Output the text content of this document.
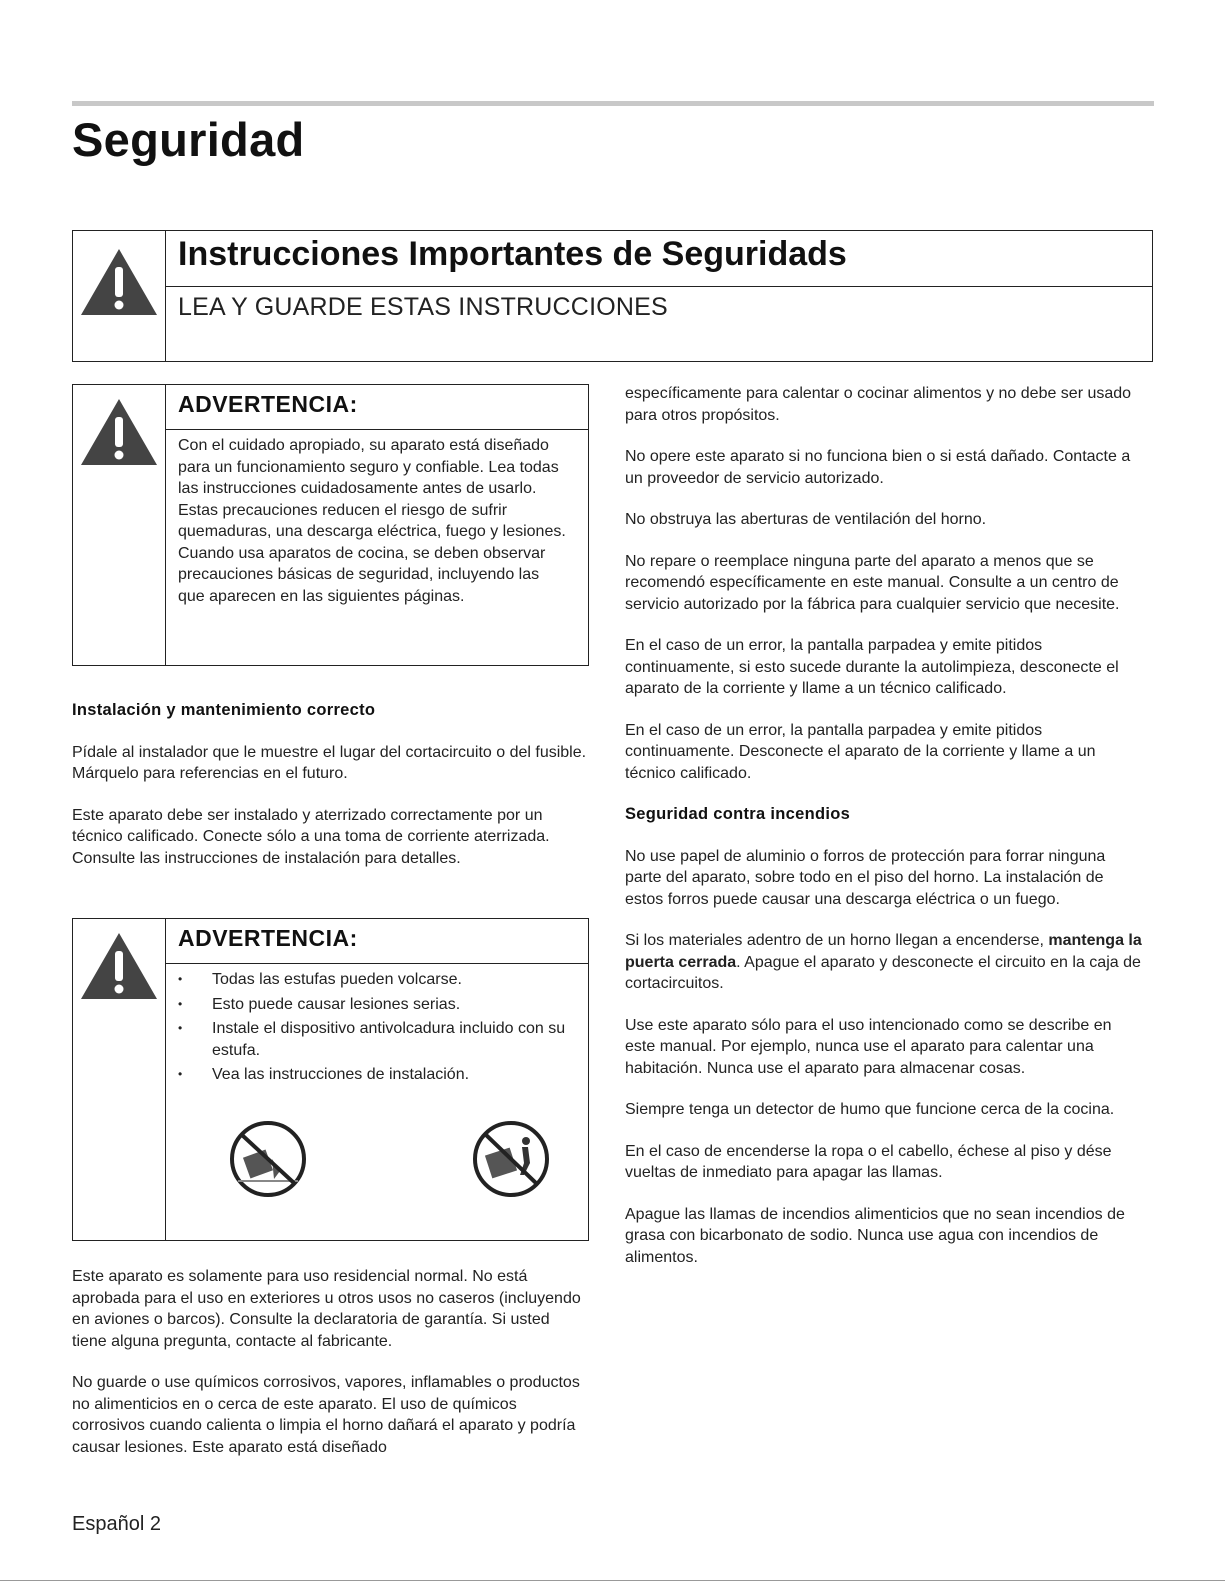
Seguridad
Instrucciones Importantes de Seguridads

LEA Y GUARDE ESTAS INSTRUCCIONES

ADVERTENCIA:

Con el cuidado apropiado, su aparato está diseñado para un funcionamiento seguro y confiable. Lea todas las instrucciones cuidadosamente antes de usarlo. Estas precauciones reducen el riesgo de sufrir quemaduras, una descarga eléctrica, fuego y lesiones. Cuando usa aparatos de cocina, se deben observar precauciones básicas de seguridad, incluyendo las que aparecen en las siguientes páginas.

Instalación y mantenimiento correcto

Pídale al instalador que le muestre el lugar del cortacircuito o del fusible. Márquelo para referencias en el futuro.

Este aparato debe ser instalado y aterrizado correctamente por un técnico calificado. Conecte sólo a una toma de corriente aterrizada. Consulte las instrucciones de instalación para detalles.

ADVERTENCIA:
• Todas las estufas pueden volcarse.
• Esto puede causar lesiones serias.
• Instale el dispositivo antivolcadura incluido con su estufa.
• Vea las instrucciones de instalación.

Este aparato es solamente para uso residencial normal. No está aprobada para el uso en exteriores u otros usos no caseros (incluyendo en aviones o barcos). Consulte la declaratoria de garantía. Si usted tiene alguna pregunta, contacte al fabricante.

No guarde o use químicos corrosivos, vapores, inflamables o productos no alimenticios en o cerca de este aparato. El uso de químicos corrosivos cuando calienta o limpia el horno dañará el aparato y podría causar lesiones. Este aparato está diseñado

específicamente para calentar o cocinar alimentos y no debe ser usado para otros propósitos.

No opere este aparato si no funciona bien o si está dañado. Contacte a un proveedor de servicio autorizado.

No obstruya las aberturas de ventilación del horno.

No repare o reemplace ninguna parte del aparato a menos que se recomendó específicamente en este manual. Consulte a un centro de servicio autorizado por la fábrica para cualquier servicio que necesite.

En el caso de un error, la pantalla parpadea y emite pitidos continuamente, si esto sucede durante la autolimpieza, desconecte el aparato de la corriente y llame a un técnico calificado.

En el caso de un error, la pantalla parpadea y emite pitidos continuamente. Desconecte el aparato de la corriente y llame a un técnico calificado.

Seguridad contra incendios

No use papel de aluminio o forros de protección para forrar ninguna parte del aparato, sobre todo en el piso del horno. La instalación de estos forros puede causar una descarga eléctrica o un fuego.

Si los materiales adentro de un horno llegan a encenderse, mantenga la puerta cerrada. Apague el aparato y desconecte el circuito en la caja de cortacircuitos.

Use este aparato sólo para el uso intencionado como se describe en este manual. Por ejemplo, nunca use el aparato para calentar una habitación. Nunca use el aparato para almacenar cosas.

Siempre tenga un detector de humo que funcione cerca de la cocina.

En el caso de encenderse la ropa o el cabello, échese al piso y dése vueltas de inmediato para apagar las llamas.

Apague las llamas de incendios alimenticios que no sean incendios de grasa con bicarbonato de sodio. Nunca use agua con incendios de alimentos.

Español 2
